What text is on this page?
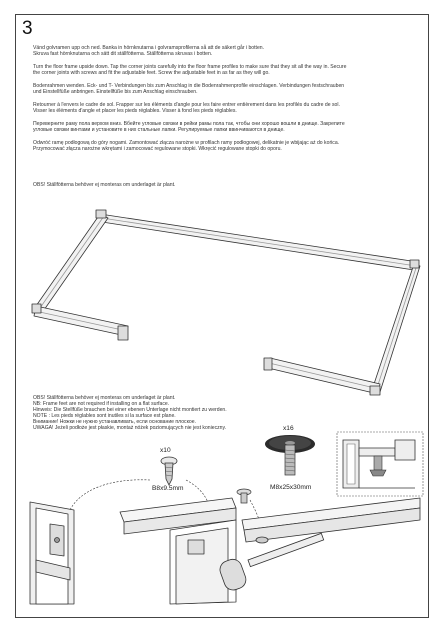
3
Vänd golvramen upp och ned. Banka in hörnknutarna i golvramsprofilerna så att de säkert går i botten.
Skruva fast hörnknutarna och sätt dit ställfötterna. Ställfötterna skruvas i botten.
Turn the floor frame upside down. Tap the corner joints carefully into the floor frame profiles to make sure that they sit all the way in. Secure
the corner joints with screws and fit the adjustable feet. Screw the adjustable feet in as far as they will go.
Bodenrahmen wenden. Eck- und T- Verbindungen bis zum Anschlag in die Bodenrahmenprofile einschlagen. Verbindungen festschrauben
und Einstellfüße anbringen. Einstellfüße bis zum Anschlag einschrauben.
Retourner à l'envers le cadre de sol. Frapper sur les éléments d'angle pour les faire entrer entièrement dans les profilés du cadre de sol.
Visser les éléments d'angle et placer les pieds réglables. Visser à fond les pieds réglables.
Переверните раму пола верхом вниз. Вбейте угловые связки в рейки рамы пола так, чтобы они хорошо вошли в днище. Закрепите
угловые связки винтами и установите в них стальные лапки. Регулируемые лапки ввинчиваются в днище.
Odwróć ramę podłogową do góry nogami. Zamontować złącza narożne w profilach ramy podłogowej, delikatnie je wbijając aż do końca.
Przymocować złącza narożne wkrętami i zamocować regulowane stopki. Wkręcić regulowane stopki do oporu.
OBS! Ställfötterna behöver ej monteras om underlaget är plant.
OBS! Ställfötterna behöver ej monteras om underlaget är plant.
NB: Frame feet are not required if installing on a flat surface.
Hinweis: Die Stellfüße brauchen bei einer ebenen Unterlage nicht montiert zu werden.
NOTE : Les pieds réglables sont inutiles si la surface est plane.
Внимание! Ножки не нужно устанавливать, если основание плоское.
UWAGA! Jeżeli podłoże jest płaskie, montaż nóżek poziomujących nie jest konieczny.
x10
B8x9.5mm
x16
M8x25x30mm
